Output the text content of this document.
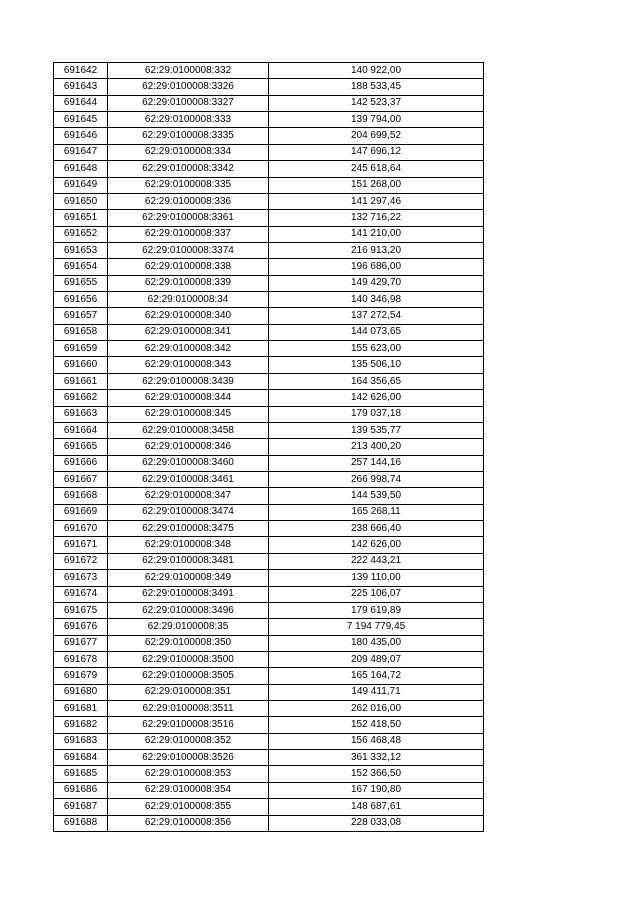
691642	62:29:0100008:332	140 922,00
691643	62:29:0100008:3326	188 533,45
691644	62:29:0100008:3327	142 523,37
691645	62:29:0100008:333	139 794,00
691646	62:29:0100008:3335	204 699,52
691647	62:29:0100008:334	147 696,12
691648	62:29:0100008:3342	245 618,64
691649	62:29:0100008:335	151 268,00
691650	62:29:0100008:336	141 297,46
691651	62:29:0100008:3361	132 716,22
691652	62:29:0100008:337	141 210,00
691653	62:29:0100008:3374	216 913,20
691654	62:29:0100008:338	196 686,00
691655	62:29:0100008:339	149 429,70
691656	62:29:0100008:34	140 346,98
691657	62:29:0100008:340	137 272,54
691658	62:29:0100008:341	144 073,65
691659	62:29:0100008:342	155 623,00
691660	62:29:0100008:343	135 506,10
691661	62:29:0100008:3439	164 356,65
691662	62:29:0100008:344	142 626,00
691663	62:29:0100008:345	179 037,18
691664	62:29:0100008:3458	139 535,77
691665	62:29:0100008:346	213 400,20
691666	62:29:0100008:3460	257 144,16
691667	62:29:0100008:3461	266 998,74
691668	62:29:0100008:347	144 539,50
691669	62:29:0100008:3474	165 268,11
691670	62:29:0100008:3475	238 666,40
691671	62:29:0100008:348	142 626,00
691672	62:29:0100008:3481	222 443,21
691673	62:29:0100008:349	139 110,00
691674	62:29:0100008:3491	225 106,07
691675	62:29:0100008:3496	179 619,89
691676	62:29:0100008:35	7 194 779,45
691677	62:29:0100008:350	180 435,00
691678	62:29:0100008:3500	209 489,07
691679	62:29:0100008:3505	165 164,72
691680	62:29:0100008:351	149 411,71
691681	62:29:0100008:3511	262 016,00
691682	62:29:0100008:3516	152 418,50
691683	62:29:0100008:352	156 468,48
691684	62:29:0100008:3526	361 332,12
691685	62:29:0100008:353	152 366,50
691686	62:29:0100008:354	167 190,80
691687	62:29:0100008:355	148 687,61
691688	62:29:0100008:356	228 033,08
